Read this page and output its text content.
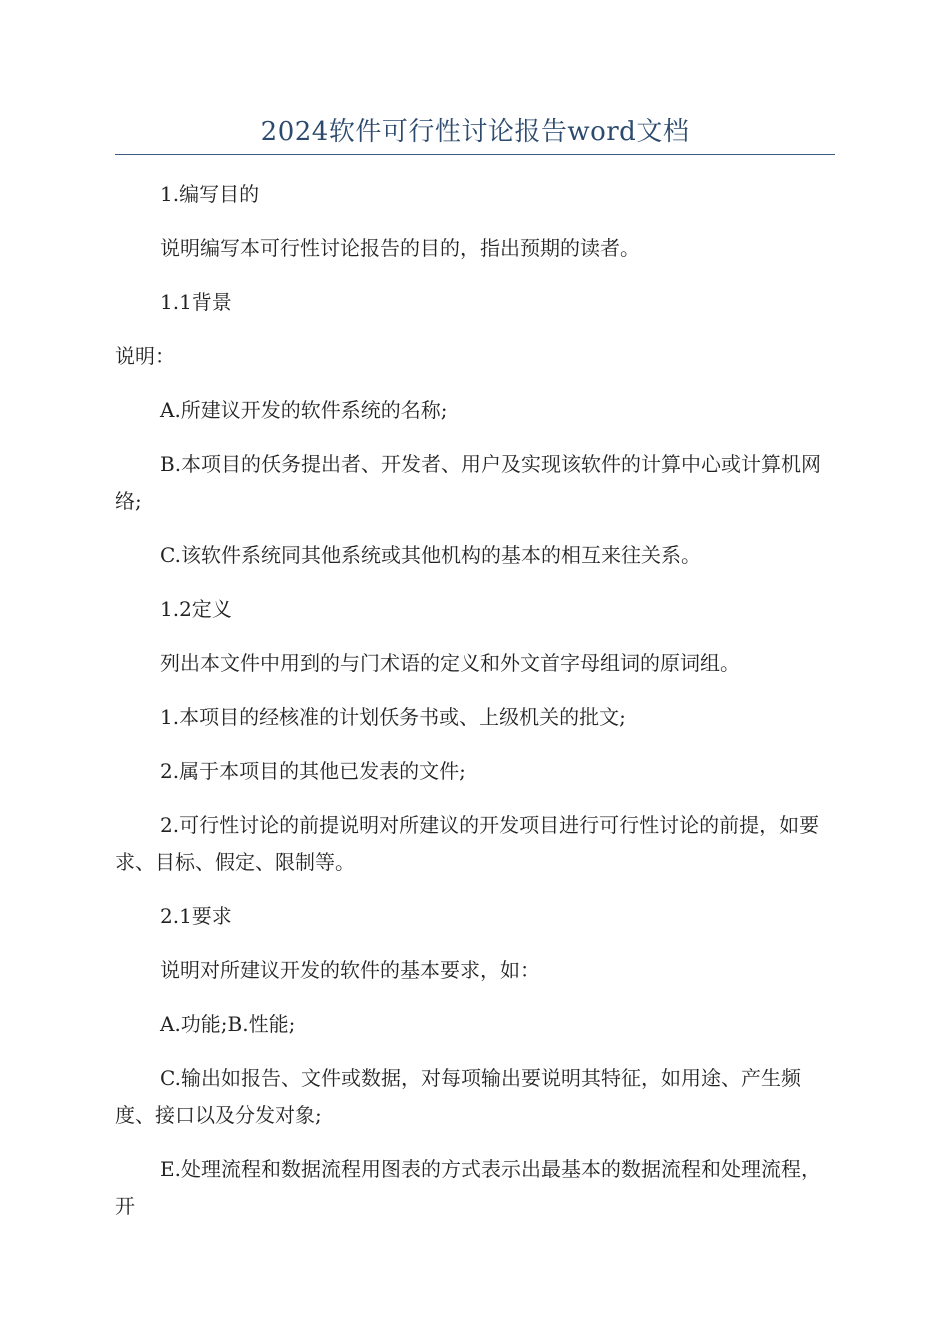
2024软件可行性讨论报告word文档

1.编写目的

说明编写本可行性讨论报告的目的，指出预期的读者。

1.1背景

说明：

A.所建议开发的软件系统的名称;

B.本项目的仸务提出者、开发者、用户及实现该软件的计算中心或计算机网络;

C.该软件系统同其他系统或其他机构的基本的相互来往关系。

1.2定义

列出本文件中用到的与门术语的定义和外文首字母组词的原词组。

1.本项目的经核准的计划仸务书或、上级机关的批文;

2.属于本项目的其他已发表的文件;

2.可行性讨论的前提说明对所建议的开发项目进行可行性讨论的前提，如要求、目标、假定、限制等。

2.1要求

说明对所建议开发的软件的基本要求，如：

A.功能;B.性能;

C.输出如报告、文件或数据，对每项输出要说明其特征，如用途、产生频度、接口以及分发对象;

E.处理流程和数据流程用图表的方式表示出最基本的数据流程和处理流程，开
